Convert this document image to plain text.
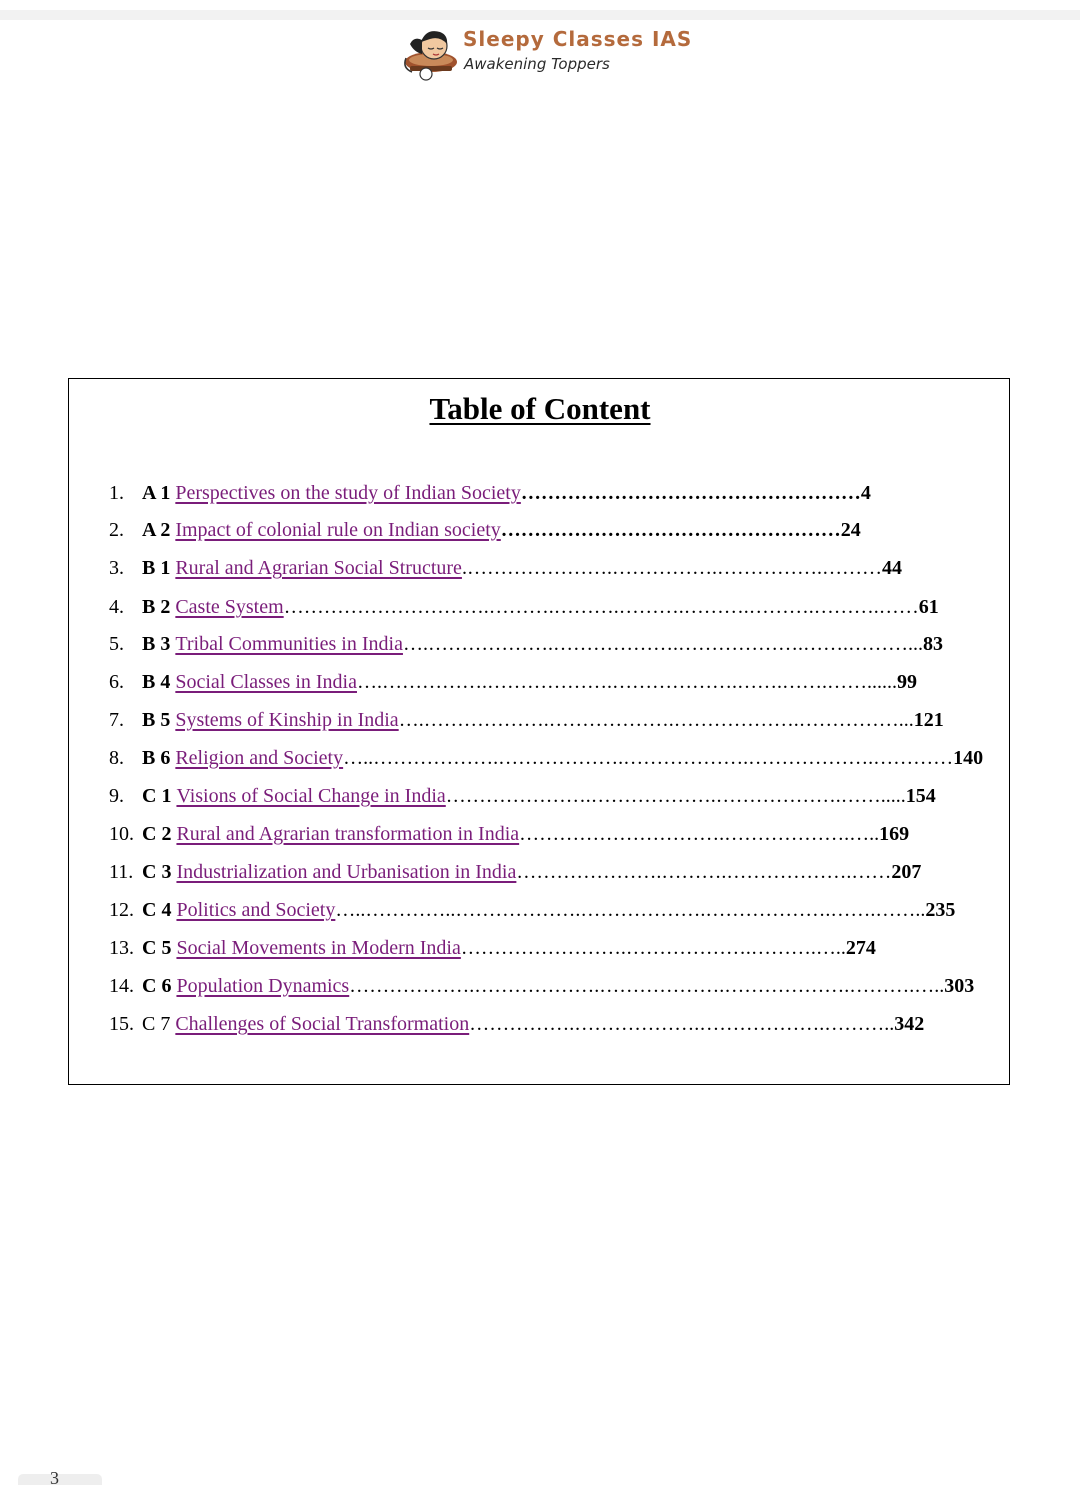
Sleepy Classes IAS
Awakening Toppers
Table of Content
1. A 1 Perspectives on the study of Indian Society……………………………………………4
2. A 2 Impact of colonial rule on Indian society……………………………………………24
3. B 1 Rural and Agrarian Social Structure.………………….…………….…………….………44
4. B 2 Caste System………………………….……….……….……….……….……….……….……61
5. B 3 Tribal Communities in India….……………….……………….……………….…….………...83
6. B 4 Social Classes in India….…………….……………….……………….…….…….……......99
7. B 5 Systems of Kinship in India….……………….……………….……………….……………...121
8. B 6 Religion and Society…..……………….……………….……………….……………….…………140
9. C 1 Visions of Social Change in India………………….……………….……………….…….....154
10. C 2 Rural and Agrarian transformation in India………………………….……………….…..169
11. C 3 Industrialization and Urbanisation in India………………….……….……………….……207
12. C 4 Politics and Society…..…………..……………….……………….……………….…….……..235
13. C 5 Social Movements in Modern India…………………….……………….……….…..274
14. C 6 Population Dynamics……………….……………….……………….……………….……….…..303
15. C 7 Challenges of Social Transformation…………….……………….……………….………..342
3
